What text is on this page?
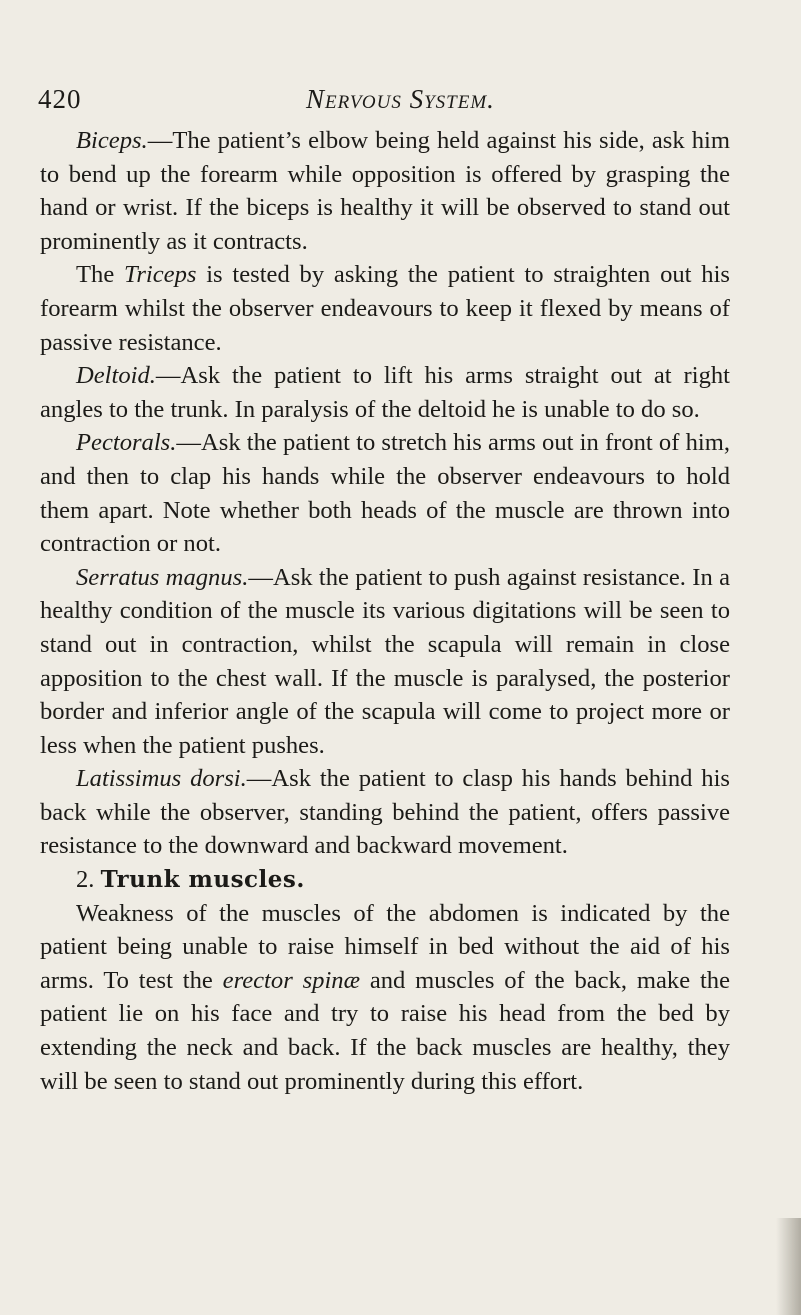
420	Nervous System.

Biceps.—The patient’s elbow being held against his side, ask him to bend up the forearm while opposition is offered by grasping the hand or wrist. If the biceps is healthy it will be observed to stand out prominently as it contracts.

The Triceps is tested by asking the patient to straighten out his forearm whilst the observer endeavours to keep it flexed by means of passive resistance.

Deltoid.—Ask the patient to lift his arms straight out at right angles to the trunk. In paralysis of the deltoid he is unable to do so.

Pectorals.—Ask the patient to stretch his arms out in front of him, and then to clap his hands while the observer endeavours to hold them apart. Note whether both heads of the muscle are thrown into contraction or not.

Serratus magnus.—Ask the patient to push against resistance. In a healthy condition of the muscle its various digitations will be seen to stand out in contraction, whilst the scapula will remain in close apposition to the chest wall. If the muscle is paralysed, the posterior border and inferior angle of the scapula will come to project more or less when the patient pushes.

Latissimus dorsi.—Ask the patient to clasp his hands behind his back while the observer, standing behind the patient, offers passive resistance to the downward and backward movement.

2. Trunk muscles.

Weakness of the muscles of the abdomen is indicated by the patient being unable to raise himself in bed without the aid of his arms. To test the erector spinæ and muscles of the back, make the patient lie on his face and try to raise his head from the bed by extending the neck and back. If the back muscles are healthy, they will be seen to stand out prominently during this effort.
